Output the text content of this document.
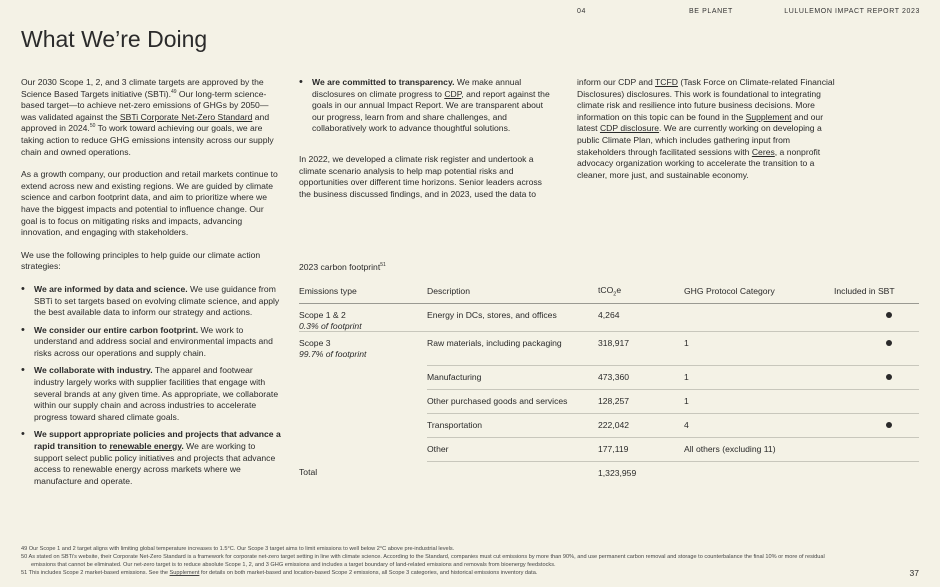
04	BE PLANET	LULULEMON IMPACT REPORT 2023
What We’re Doing

Our 2030 Scope 1, 2, and 3 climate targets are approved by the Science Based Targets initiative (SBTi).$^{49}$ Our long-term science-based target—to achieve net-zero emissions of GHGs by 2050—was validated against the SBTi Corporate Net-Zero Standard and approved in 2024.50 To work toward achieving our goals, we are taking action to reduce GHG emissions intensity across our supply chain and owned operations.

As a growth company, our production and retail markets continue to extend across new and existing regions. We are guided by climate science and carbon footprint data, and aim to prioritize where we have the biggest impacts and potential to influence change. Our goal is to focus on mitigating risks and impacts, advancing innovation, and engaging with stakeholders.

We use the following principles to help guide our climate action strategies:

• We are informed by data and science. We use guidance from SBTi to set targets based on evolving climate science, and apply the best available data to inform our strategy and actions.
• We consider our entire carbon footprint. We work to understand and address social and environmental impacts and risks across our operations and supply chain.
• We collaborate with industry. The apparel and footwear industry largely works with supplier facilities that engage with several brands at any given time. As appropriate, we collaborate within our supply chain and across industries to accelerate progress toward shared climate goals.
• We support appropriate policies and projects that advance a rapid transition to renewable energy. We are working to support select public policy initiatives and projects that advance access to renewable energy across markets where we manufacture and operate.
• We are committed to transparency. We make annual disclosures on climate progress to CDP, and report against the goals in our annual Impact Report. We are transparent about our progress, learn from and share challenges, and collaboratively work to advance thoughtful solutions.

In 2022, we developed a climate risk register and undertook a climate scenario analysis to help map potential risks and opportunities over different time horizons. Senior leaders across the business discussed findings, and in 2023, used the data to

inform our CDP and TCFD (Task Force on Climate-related Financial Disclosures) disclosures. This work is foundational to integrating climate risk and resilience into future business decisions. More information on this topic can be found in the Supplement and our latest CDP disclosure. We are currently working on developing a public Climate Plan, which includes gathering input from stakeholders through facilitated sessions with Ceres, a nonprofit advocacy organization working to accelerate the transition to a cleaner, more just, and sustainable economy.

2023 carbon footprint$^{51}$
Emissions type	Description	tCO$_2$e	GHG Protocol Category	Included in SBT
Scope 1 & 2
0.3% of footprint	Energy in DCs, stores, and offices	4,264		
Scope 3
99.7% of footprint	Raw materials, including packaging	318,917	1	
	Manufacturing	473,360	1	
	Other purchased goods and services	128,257	1	
	Transportation	222,042	4	
	Other	177,119	All others (excluding 11)	
Total		1,323,959		
49 Our Scope 1 and 2 target aligns with limiting global temperature increases to 1.5°C. Our Scope 3 target aims to limit emissions to well below 2°C above pre-industrial levels.
50 As stated on SBTi’s website, their Corporate Net-Zero Standard is a framework for corporate net-zero target setting in line with climate science. According to the Standard, companies must cut emissions by more than 90%, and use permanent carbon removal and storage to counterbalance the final 10% or more of residual emissions that cannot be eliminated. Our net-zero target is to reduce absolute Scope 1, 2, and 3 GHG emissions and includes a target boundary of land-related emissions and removals from bioenergy feedstocks.
51 This includes Scope 2 market-based emissions. See the Supplement for details on both market-based and location-based Scope 2 emissions, all Scope 3 categories, and historical emissions inventory data.	37
